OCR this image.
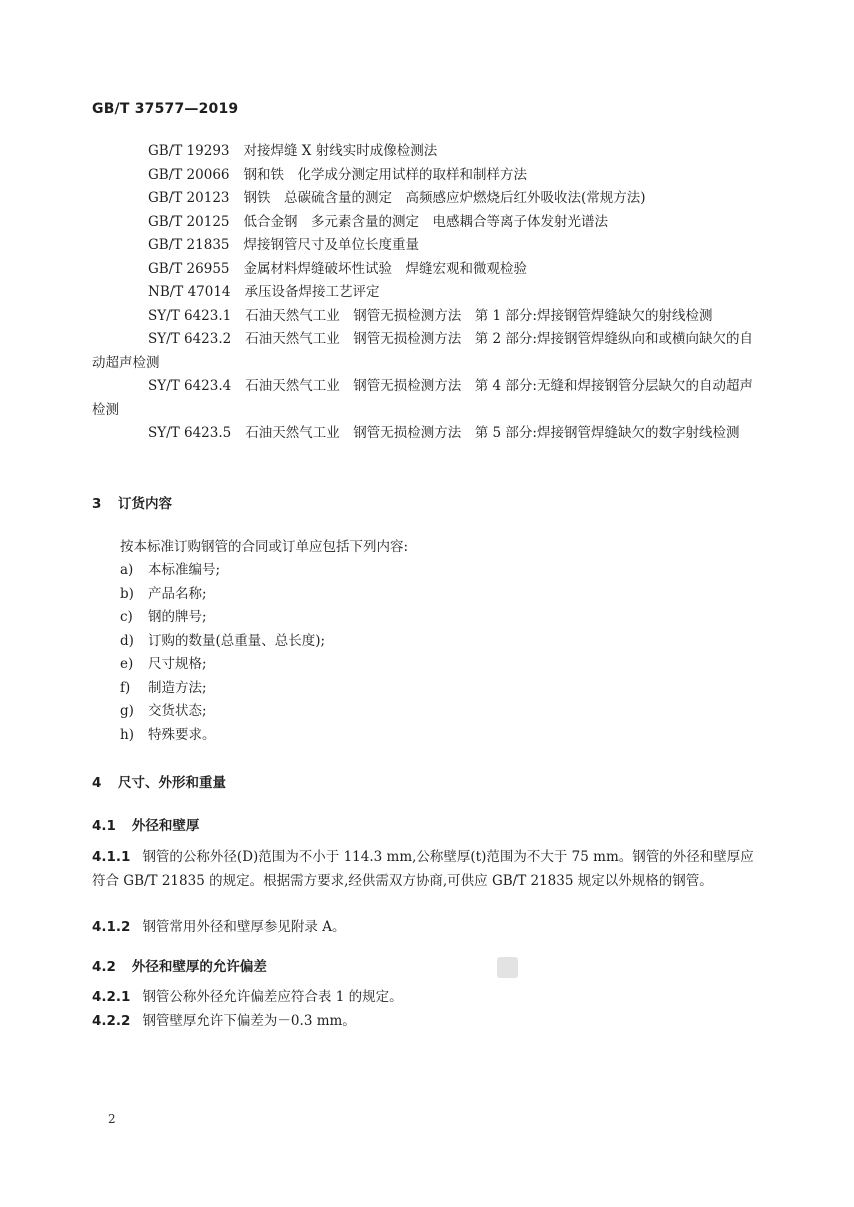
GB/T 37577—2019
GB/T 19293 对接焊缝 X 射线实时成像检测法
GB/T 20066 钢和铁　化学成分测定用试样的取样和制样方法
GB/T 20123 钢铁　总碳硫含量的测定　高频感应炉燃烧后红外吸收法(常规方法)
GB/T 20125 低合金钢　多元素含量的测定　电感耦合等离子体发射光谱法
GB/T 21835 焊接钢管尺寸及单位长度重量
GB/T 26955 金属材料焊缝破坏性试验　焊缝宏观和微观检验
NB/T 47014 承压设备焊接工艺评定
SY/T 6423.1 石油天然气工业　钢管无损检测方法　第 1 部分:焊接钢管焊缝缺欠的射线检测
SY/T 6423.2 石油天然气工业　钢管无损检测方法　第 2 部分:焊接钢管焊缝纵向和或横向缺欠的自动超声检测
SY/T 6423.4 石油天然气工业　钢管无损检测方法　第 4 部分:无缝和焊接钢管分层缺欠的自动超声检测
SY/T 6423.5 石油天然气工业　钢管无损检测方法　第 5 部分:焊接钢管焊缝缺欠的数字射线检测
3 订货内容
按本标准订购钢管的合同或订单应包括下列内容:
a) 本标准编号;
b) 产品名称;
c) 钢的牌号;
d) 订购的数量(总重量、总长度);
e) 尺寸规格;
f) 制造方法;
g) 交货状态;
h) 特殊要求。
4 尺寸、外形和重量
4.1 外径和壁厚
4.1.1 钢管的公称外径(D)范围为不小于 114.3 mm,公称壁厚(t)范围为不大于 75 mm。钢管的外径和壁厚应符合 GB/T 21835 的规定。根据需方要求,经供需双方协商,可供应 GB/T 21835 规定以外规格的钢管。
4.1.2 钢管常用外径和壁厚参见附录 A。
4.2 外径和壁厚的允许偏差
4.2.1 钢管公称外径允许偏差应符合表 1 的规定。
4.2.2 钢管壁厚允许下偏差为－0.3 mm。
2
